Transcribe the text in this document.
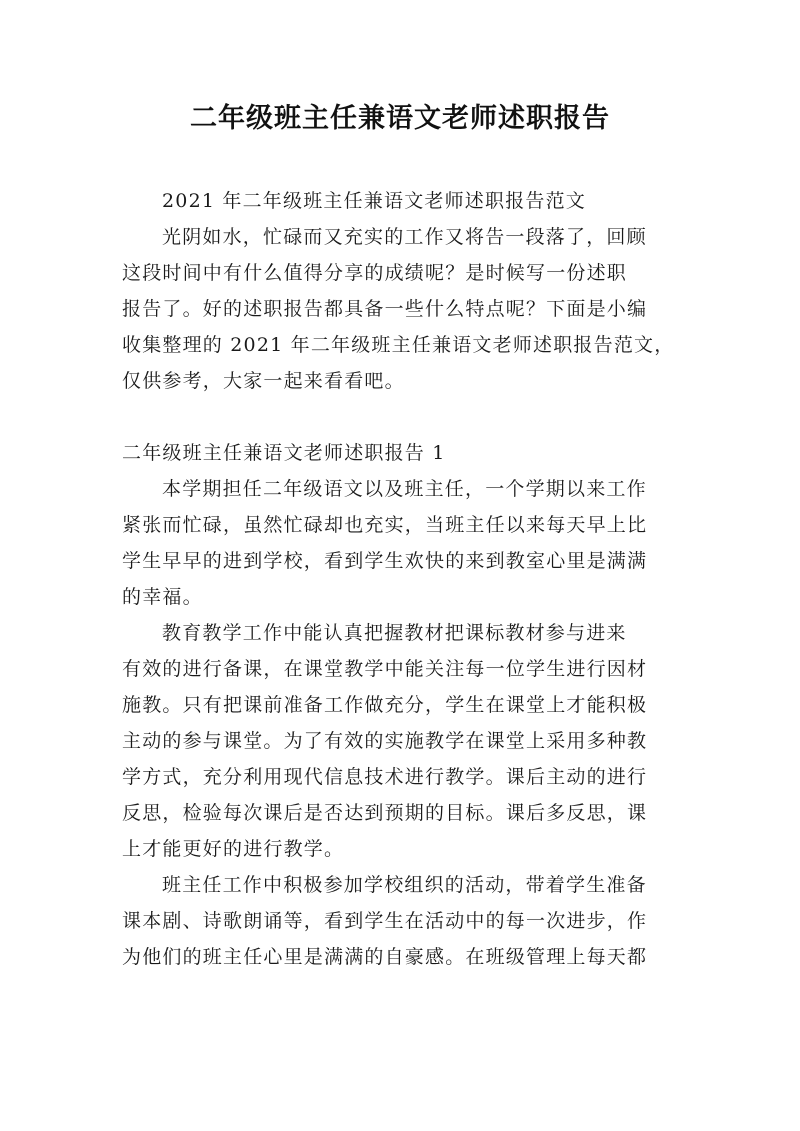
二年级班主任兼语文老师述职报告
2021 年二年级班主任兼语文老师述职报告范文
光阴如水，忙碌而又充实的工作又将告一段落了，回顾
这段时间中有什么值得分享的成绩呢？是时候写一份述职
报告了。好的述职报告都具备一些什么特点呢？下面是小编
收集整理的 2021 年二年级班主任兼语文老师述职报告范文，
仅供参考，大家一起来看看吧。
二年级班主任兼语文老师述职报告 1
本学期担任二年级语文以及班主任，一个学期以来工作
紧张而忙碌，虽然忙碌却也充实，当班主任以来每天早上比
学生早早的进到学校，看到学生欢快的来到教室心里是满满
的幸福。
教育教学工作中能认真把握教材把课标教材参与进来
有效的进行备课，在课堂教学中能关注每一位学生进行因材
施教。只有把课前准备工作做充分，学生在课堂上才能积极
主动的参与课堂。为了有效的实施教学在课堂上采用多种教
学方式，充分利用现代信息技术进行教学。课后主动的进行
反思，检验每次课后是否达到预期的目标。课后多反思，课
上才能更好的进行教学。
班主任工作中积极参加学校组织的活动，带着学生准备
课本剧、诗歌朗诵等，看到学生在活动中的每一次进步，作
为他们的班主任心里是满满的自豪感。在班级管理上每天都
